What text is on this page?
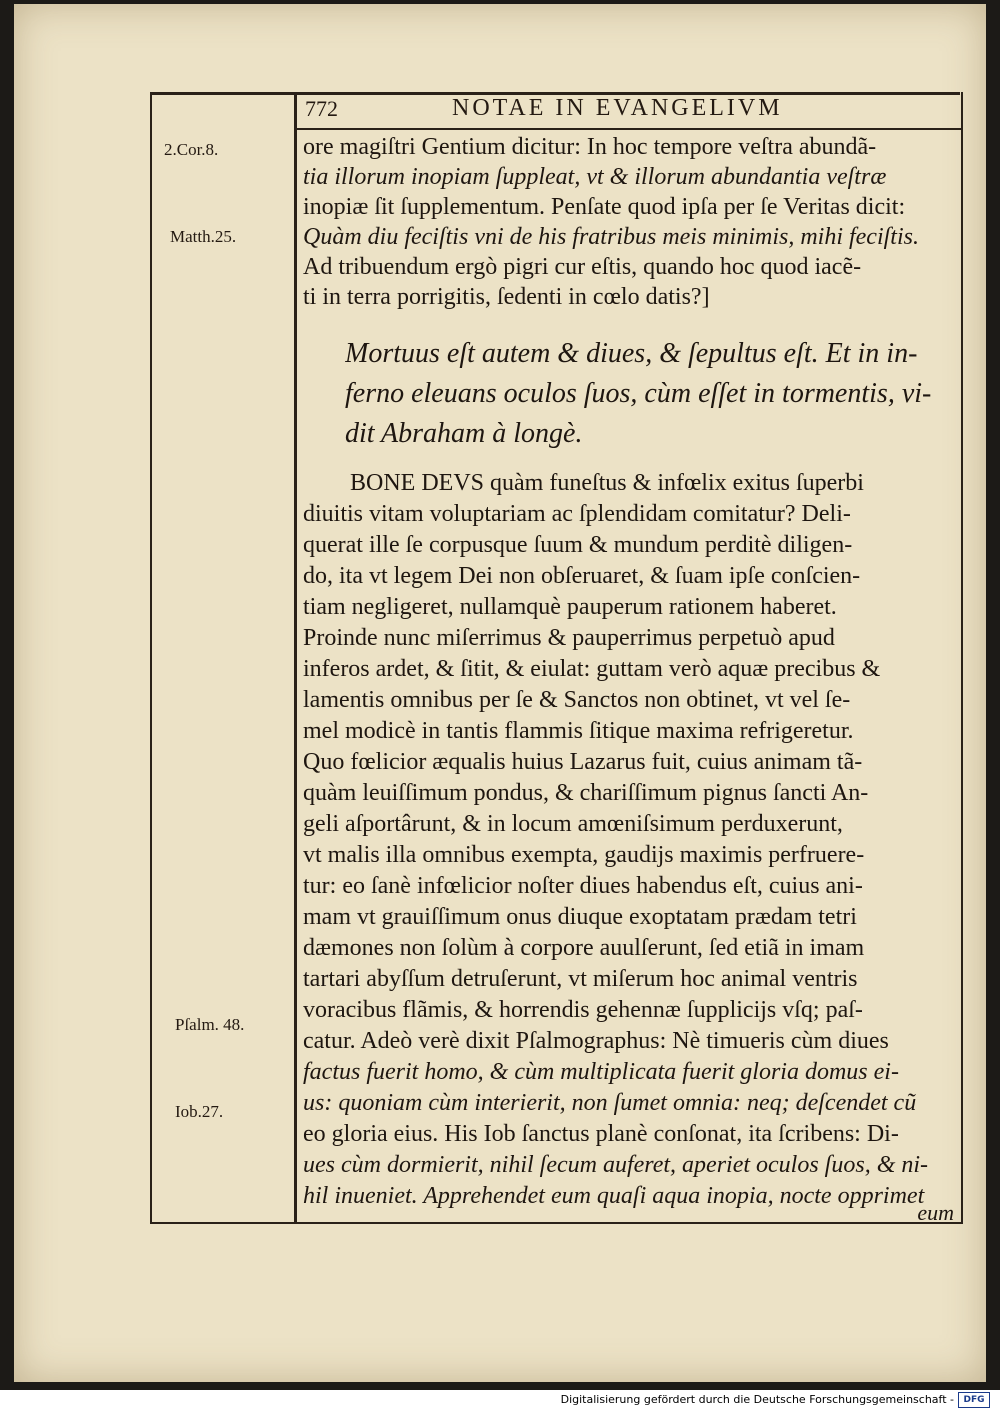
772	NOTAE IN EVANGELIVM
2.Cor.8.
Matth.25.
Pſalm. 48.
Iob.27.
ore magiſtri Gentium dicitur: In hoc tempore veſtra abundã-
tia illorum inopiam ſuppleat, vt & illorum abundantia veſtræ
inopiæ ſit ſupplementum. Penſate quod ipſa per ſe Veritas dicit:
Quàm diu feciſtis vni de his fratribus meis minimis, mihi feciſtis.
Ad tribuendum ergò pigri cur eſtis, quando hoc quod iacẽ-
ti in terra porrigitis, ſedenti in cœlo datis?]
Mortuus eſt autem & diues, & ſepultus eſt. Et in in-
ferno eleuans oculos ſuos, cùm eſſet in tormentis, vi-
dit Abraham à longè.
BONE DEVS quàm funeſtus & infœlix exitus ſuperbi
diuitis vitam voluptariam ac ſplendidam comitatur? Deli-
querat ille ſe corpusque ſuum & mundum perditè diligen-
do, ita vt legem Dei non obſeruaret, & ſuam ipſe conſcien-
tiam negligeret, nullamquè pauperum rationem haberet.
Proinde nunc miſerrimus & pauperrimus perpetuò apud
inferos ardet, & ſitit, & eiulat: guttam verò aquæ precibus &
lamentis omnibus per ſe & Sanctos non obtinet, vt vel ſe-
mel modicè in tantis flammis ſitique maxima refrigeretur.
Quo fœlicior æqualis huius Lazarus fuit, cuius animam tã-
quàm leuiſſimum pondus, & chariſſimum pignus ſancti An-
geli aſportârunt, & in locum amœniſsimum perduxerunt,
vt malis illa omnibus exempta, gaudijs maximis perfruere-
tur: eo ſanè infœlicior noſter diues habendus eſt, cuius ani-
mam vt grauiſſimum onus diuque exoptatam prædam tetri
dæmones non ſolùm à corpore auulſerunt, ſed etiã in imam
tartari abyſſum detruſerunt, vt miſerum hoc animal ventris
voracibus flãmis, & horrendis gehennæ ſupplicijs vſq; paſ-
catur. Adeò verè dixit Pſalmographus: Nè timueris cùm diues
factus fuerit homo, & cùm multiplicata fuerit gloria domus ei-
us: quoniam cùm interierit, non ſumet omnia: neq; deſcendet cũ
eo gloria eius. His Iob ſanctus planè conſonat, ita ſcribens: Di-
ues cùm dormierit, nihil ſecum auferet, aperiet oculos ſuos, & ni-
hil inueniet. Apprehendet eum quaſi aqua inopia, nocte opprimet
eum
Digitalisierung gefördert durch die Deutsche Forschungsgemeinschaft -	DFG
